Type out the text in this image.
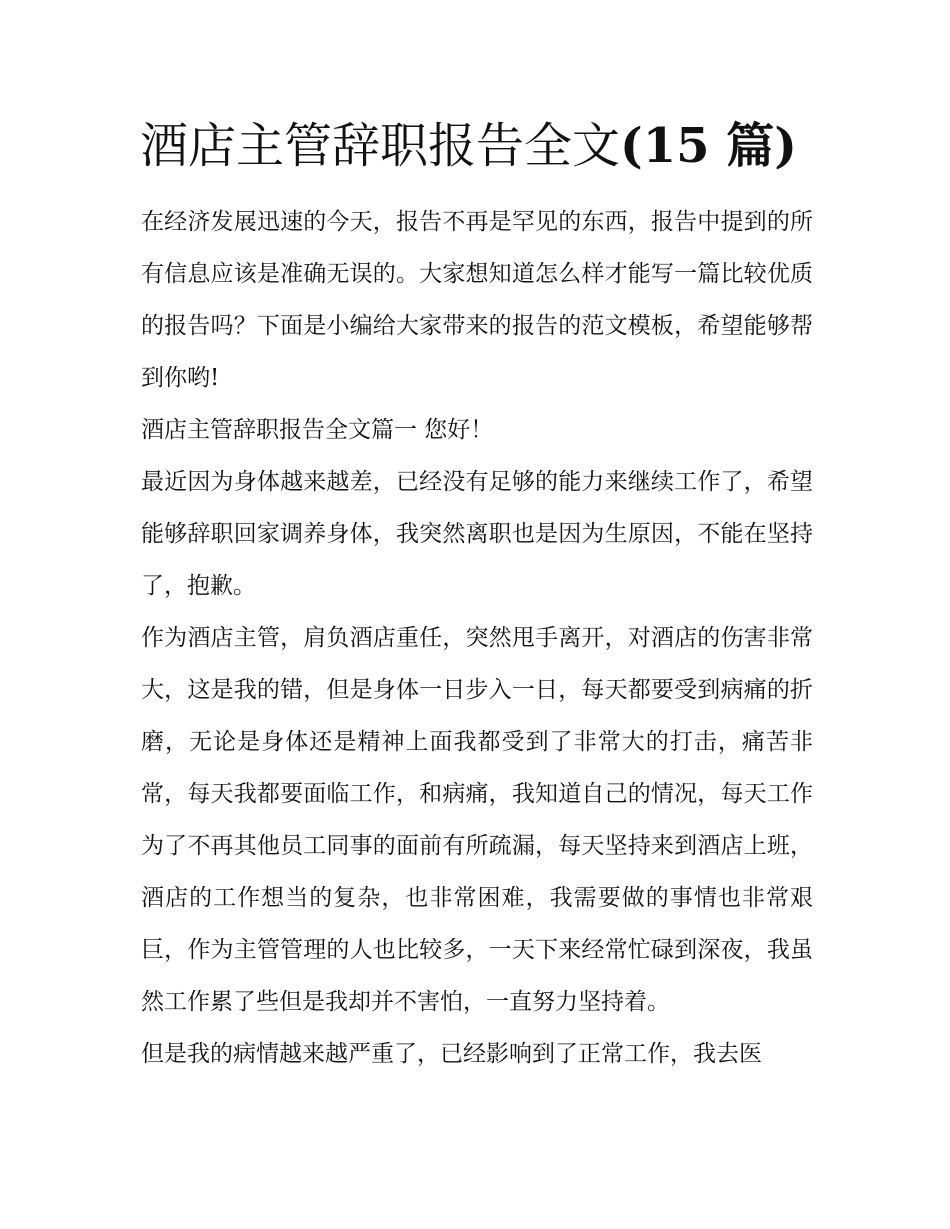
酒店主管辞职报告全文(15 篇)

在经济发展迅速的今天，报告不再是罕见的东西，报告中提到的所有信息应该是准确无误的。大家想知道怎么样才能写一篇比较优质的报告吗？下面是小编给大家带来的报告的范文模板，希望能够帮到你哟!

酒店主管辞职报告全文篇一 您好！

最近因为身体越来越差，已经没有足够的能力来继续工作了，希望能够辞职回家调养身体，我突然离职也是因为生原因，不能在坚持了，抱歉。

作为酒店主管，肩负酒店重任，突然甩手离开，对酒店的伤害非常大，这是我的错，但是身体一日步入一日，每天都要受到病痛的折磨，无论是身体还是精神上面我都受到了非常大的打击，痛苦非常，每天我都要面临工作，和病痛，我知道自己的情况，每天工作为了不再其他员工同事的面前有所疏漏，每天坚持来到酒店上班，酒店的工作想当的复杂，也非常困难，我需要做的事情也非常艰巨，作为主管管理的人也比较多，一天下来经常忙碌到深夜，我虽然工作累了些但是我却并不害怕，一直努力坚持着。

但是我的病情越来越严重了，已经影响到了正常工作，我去医
